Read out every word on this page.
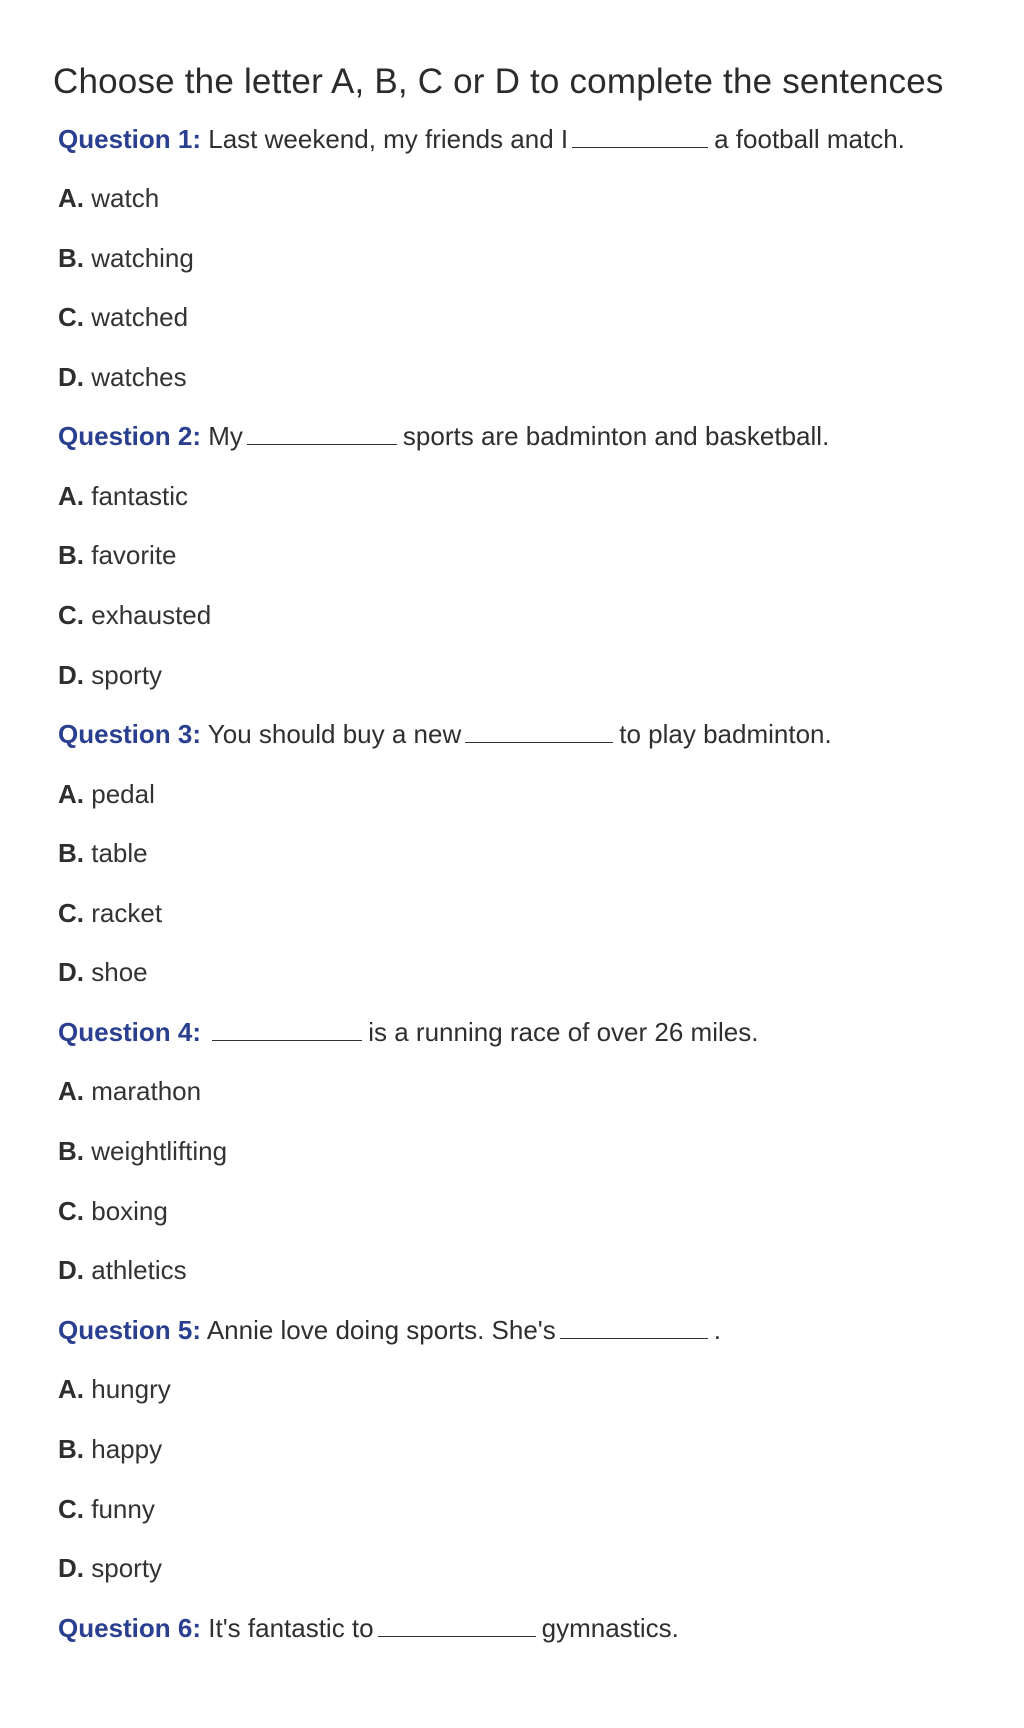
Choose the letter A, B, C or D to complete the sentences
Question 1: Last weekend, my friends and I	a football match.
A. watch
B. watching
C. watched
D. watches
Question 2: My	sports are badminton and basketball.
A. fantastic
B. favorite
C. exhausted
D. sporty
Question 3: You should buy a new	to play badminton.
A. pedal
B. table
C. racket
D. shoe
Question 4:	is a running race of over 26 miles.
A. marathon
B. weightlifting
C. boxing
D. athletics
Question 5: Annie love doing sports. She's	.
A. hungry
B. happy
C. funny
D. sporty
Question 6: It's fantastic to	gymnastics.
